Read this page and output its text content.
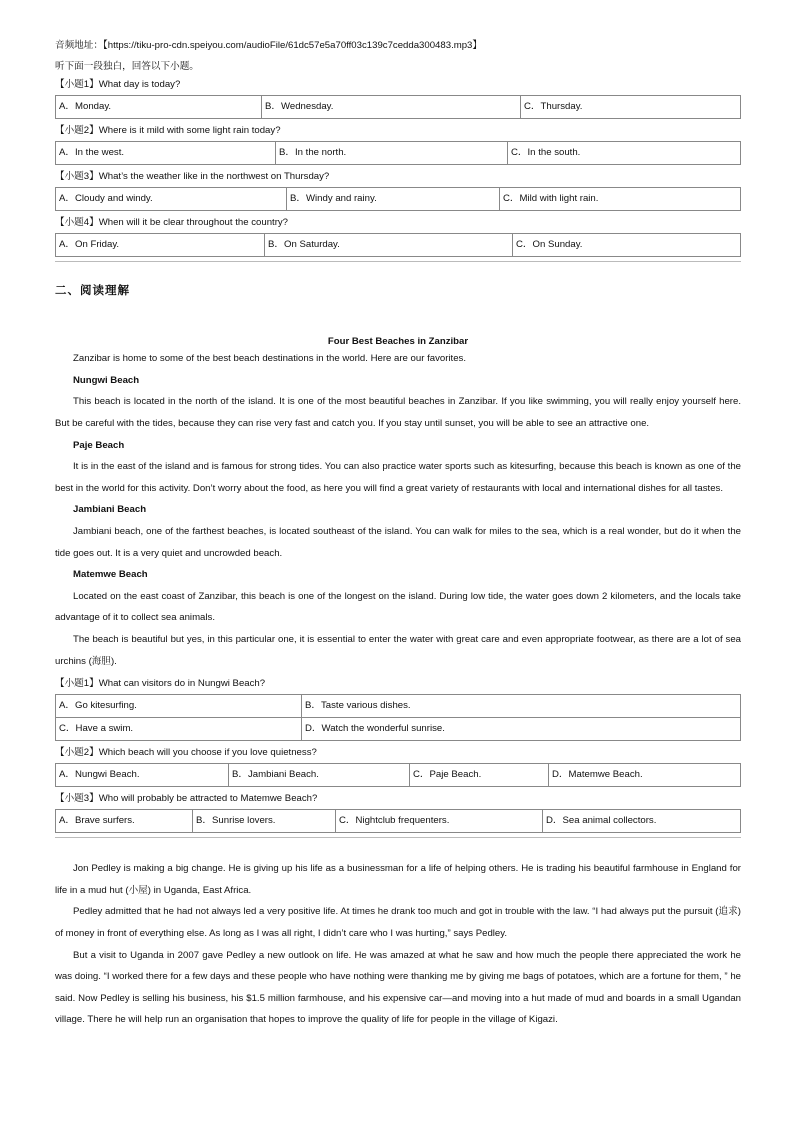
音频地址：【https://tiku-pro-cdn.speiyou.com/audioFile/61dc57e5a70ff03c139c7cedda300483.mp3】

听下面一段独白，回答以下小题。

【小题1】What day is today?
A．Monday.	B．Wednesday.	C．Thursday.
【小题2】Where is it mild with some light rain today?
A．In the west.	B．In the north.	C．In the south.
【小题3】What’s the weather like in the northwest on Thursday?
A．Cloudy and windy.	B．Windy and rainy.	C．Mild with light rain.
【小题4】When will it be clear throughout the country?
A．On Friday.	B．On Saturday.	C．On Sunday.
二、阅读理解
Four Best Beaches in Zanzibar

Zanzibar is home to some of the best beach destinations in the world. Here are our favorites.

Nungwi Beach

This beach is located in the north of the island. It is one of the most beautiful beaches in Zanzibar. If you like swimming, you will really enjoy yourself here. But be careful with the tides, because they can rise very fast and catch you. If you stay until sunset, you will be able to see an attractive one.

Paje Beach

It is in the east of the island and is famous for strong tides. You can also practice water sports such as kitesurfing, because this beach is known as one of the best in the world for this activity. Don’t worry about the food, as here you will find a great variety of restaurants with local and international dishes for all tastes.

Jambiani Beach

Jambiani beach, one of the farthest beaches, is located southeast of the island. You can walk for miles to the sea, which is a real wonder, but do it when the tide goes out. It is a very quiet and uncrowded beach.

Matemwe Beach

Located on the east coast of Zanzibar, this beach is one of the longest on the island. During low tide, the water goes down 2 kilometers, and the locals take advantage of it to collect sea animals.

The beach is beautiful but yes, in this particular one, it is essential to enter the water with great care and even appropriate footwear, as there are a lot of sea urchins (海胆).

【小题1】What can visitors do in Nungwi Beach?
A．Go kitesurfing.	B．Taste various dishes.
C．Have a swim.	D．Watch the wonderful sunrise.
【小题2】Which beach will you choose if you love quietness?
A．Nungwi Beach.	B．Jambiani Beach.	C．Paje Beach.	D．Matemwe Beach.
【小题3】Who will probably be attracted to Matemwe Beach?
A．Brave surfers.	B．Sunrise lovers.	C．Nightclub frequenters.	D．Sea animal collectors.

Jon Pedley is making a big change. He is giving up his life as a businessman for a life of helping others. He is trading his beautiful farmhouse in England for life in a mud hut (小屋) in Uganda, East Africa.

Pedley admitted that he had not always led a very positive life. At times he drank too much and got in trouble with the law. “I had always put the pursuit (追求) of money in front of everything else. As long as I was all right, I didn’t care who I was hurting,” says Pedley.

But a visit to Uganda in 2007 gave Pedley a new outlook on life. He was amazed at what he saw and how much the people there appreciated the work he was doing. “I worked there for a few days and these people who have nothing were thanking me by giving me bags of potatoes, which are a fortune for them, ” he said. Now Pedley is selling his business, his $1.5 million farmhouse, and his expensive car—and moving into a hut made of mud and boards in a small Ugandan village. There he will help run an organisation that hopes to improve the quality of life for people in the village of Kigazi.
